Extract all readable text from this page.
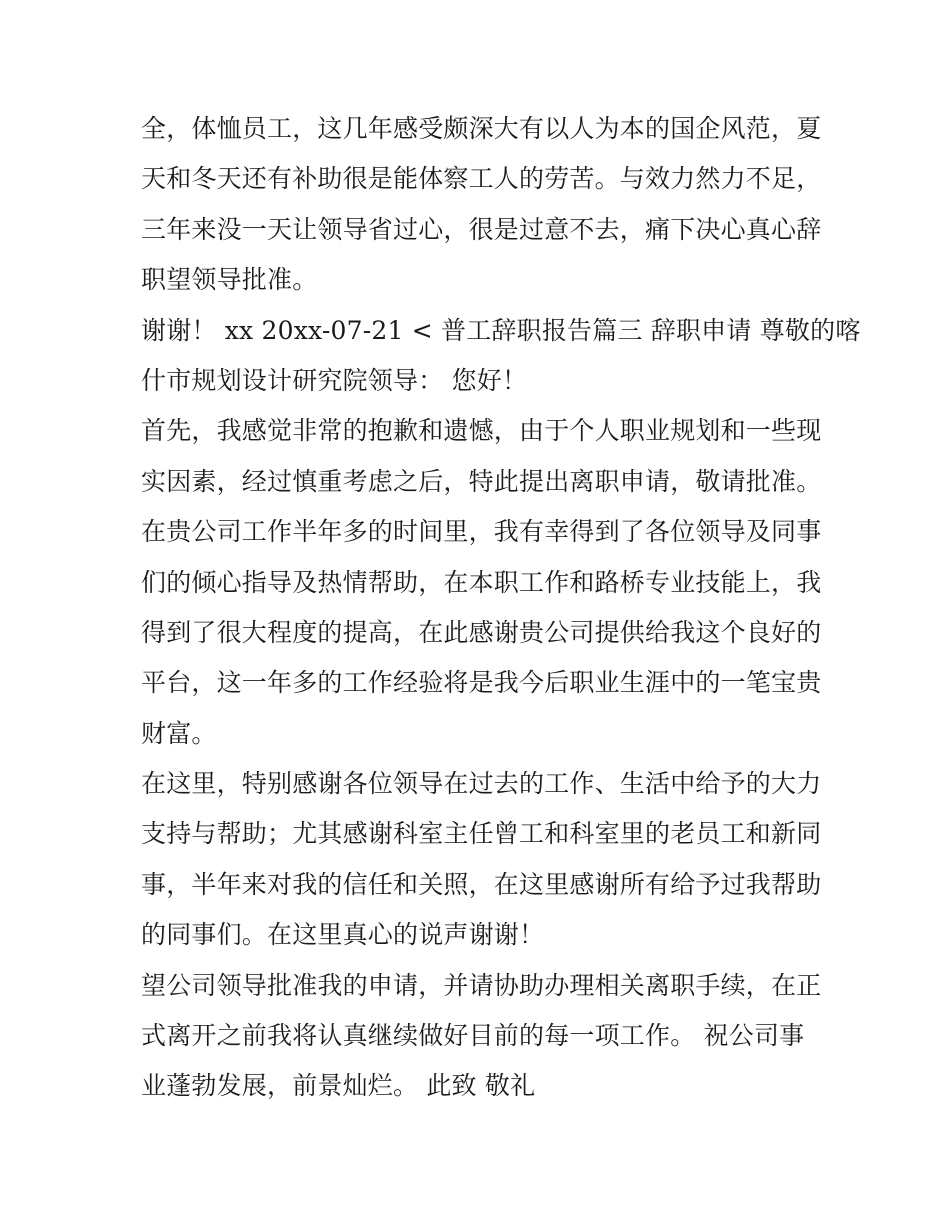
全，体恤员工，这几年感受颇深大有以人为本的国企风范，夏
天和冬天还有补助很是能体察工人的劳苦。与效力然力不足，
三年来没一天让领导省过心，很是过意不去，痛下决心真心辞
职望领导批准。
谢谢！ xx 20xx-07-21 < 普工辞职报告篇三 辞职申请 尊敬的喀
什市规划设计研究院领导： 您好！
首先，我感觉非常的抱歉和遗憾，由于个人职业规划和一些现
实因素，经过慎重考虑之后，特此提出离职申请，敬请批准。
在贵公司工作半年多的时间里，我有幸得到了各位领导及同事
们的倾心指导及热情帮助，在本职工作和路桥专业技能上，我
得到了很大程度的提高，在此感谢贵公司提供给我这个良好的
平台，这一年多的工作经验将是我今后职业生涯中的一笔宝贵
财富。
在这里，特别感谢各位领导在过去的工作、生活中给予的大力
支持与帮助；尤其感谢科室主任曾工和科室里的老员工和新同
事，半年来对我的信任和关照，在这里感谢所有给予过我帮助
的同事们。在这里真心的说声谢谢！
望公司领导批准我的申请，并请协助办理相关离职手续，在正
式离开之前我将认真继续做好目前的每一项工作。 祝公司事
业蓬勃发展，前景灿烂。 此致 敬礼
